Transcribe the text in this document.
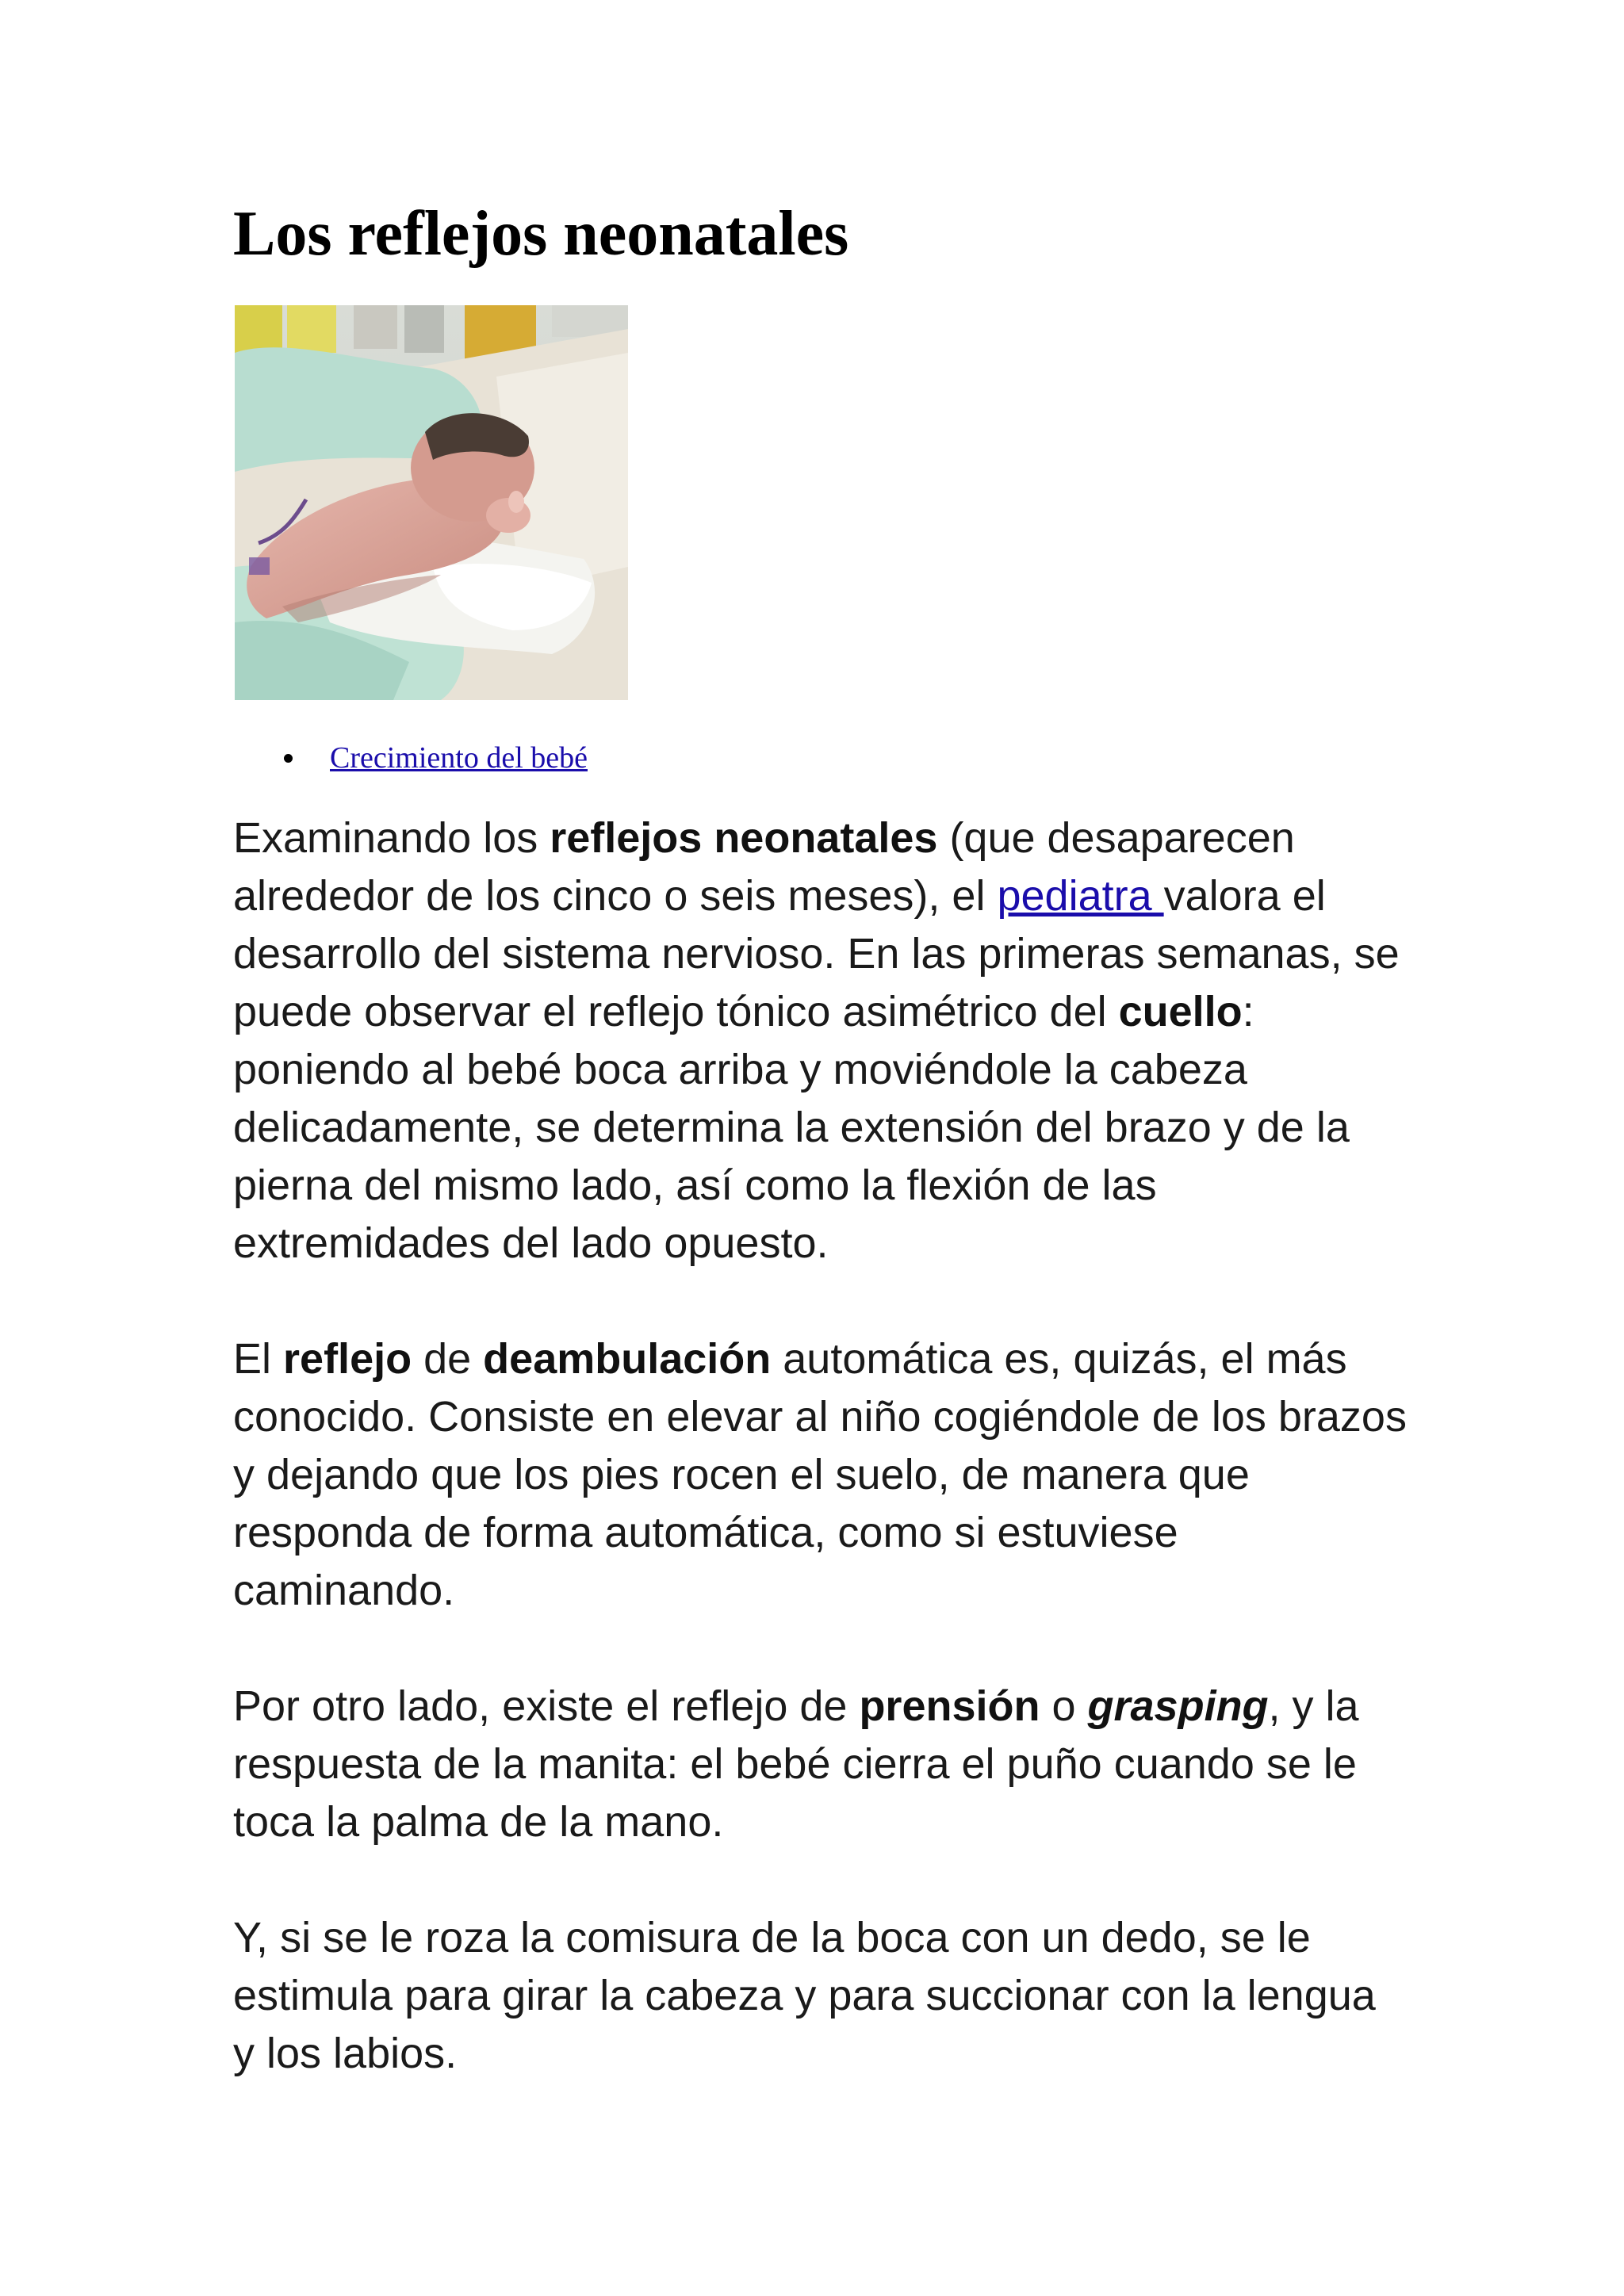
Los reflejos neonatales
Crecimiento del bebé

Examinando los reflejos neonatales (que desaparecen alrededor de los cinco o seis meses), el pediatra valora el desarrollo del sistema nervioso. En las primeras semanas, se puede observar el reflejo tónico asimétrico del cuello: poniendo al bebé boca arriba y moviéndole la cabeza delicadamente, se determina la extensión del brazo y de la pierna del mismo lado, así como la flexión de las extremidades del lado opuesto.

El reflejo de deambulación automática es, quizás, el más conocido. Consiste en elevar al niño cogiéndole de los brazos y dejando que los pies rocen el suelo, de manera que responda de forma automática, como si estuviese caminando.

Por otro lado, existe el reflejo de prensión o grasping, y la respuesta de la manita: el bebé cierra el puño cuando se le toca la palma de la mano.

Y, si se le roza la comisura de la boca con un dedo, se le estimula para girar la cabeza y para succionar con la lengua y los labios.
